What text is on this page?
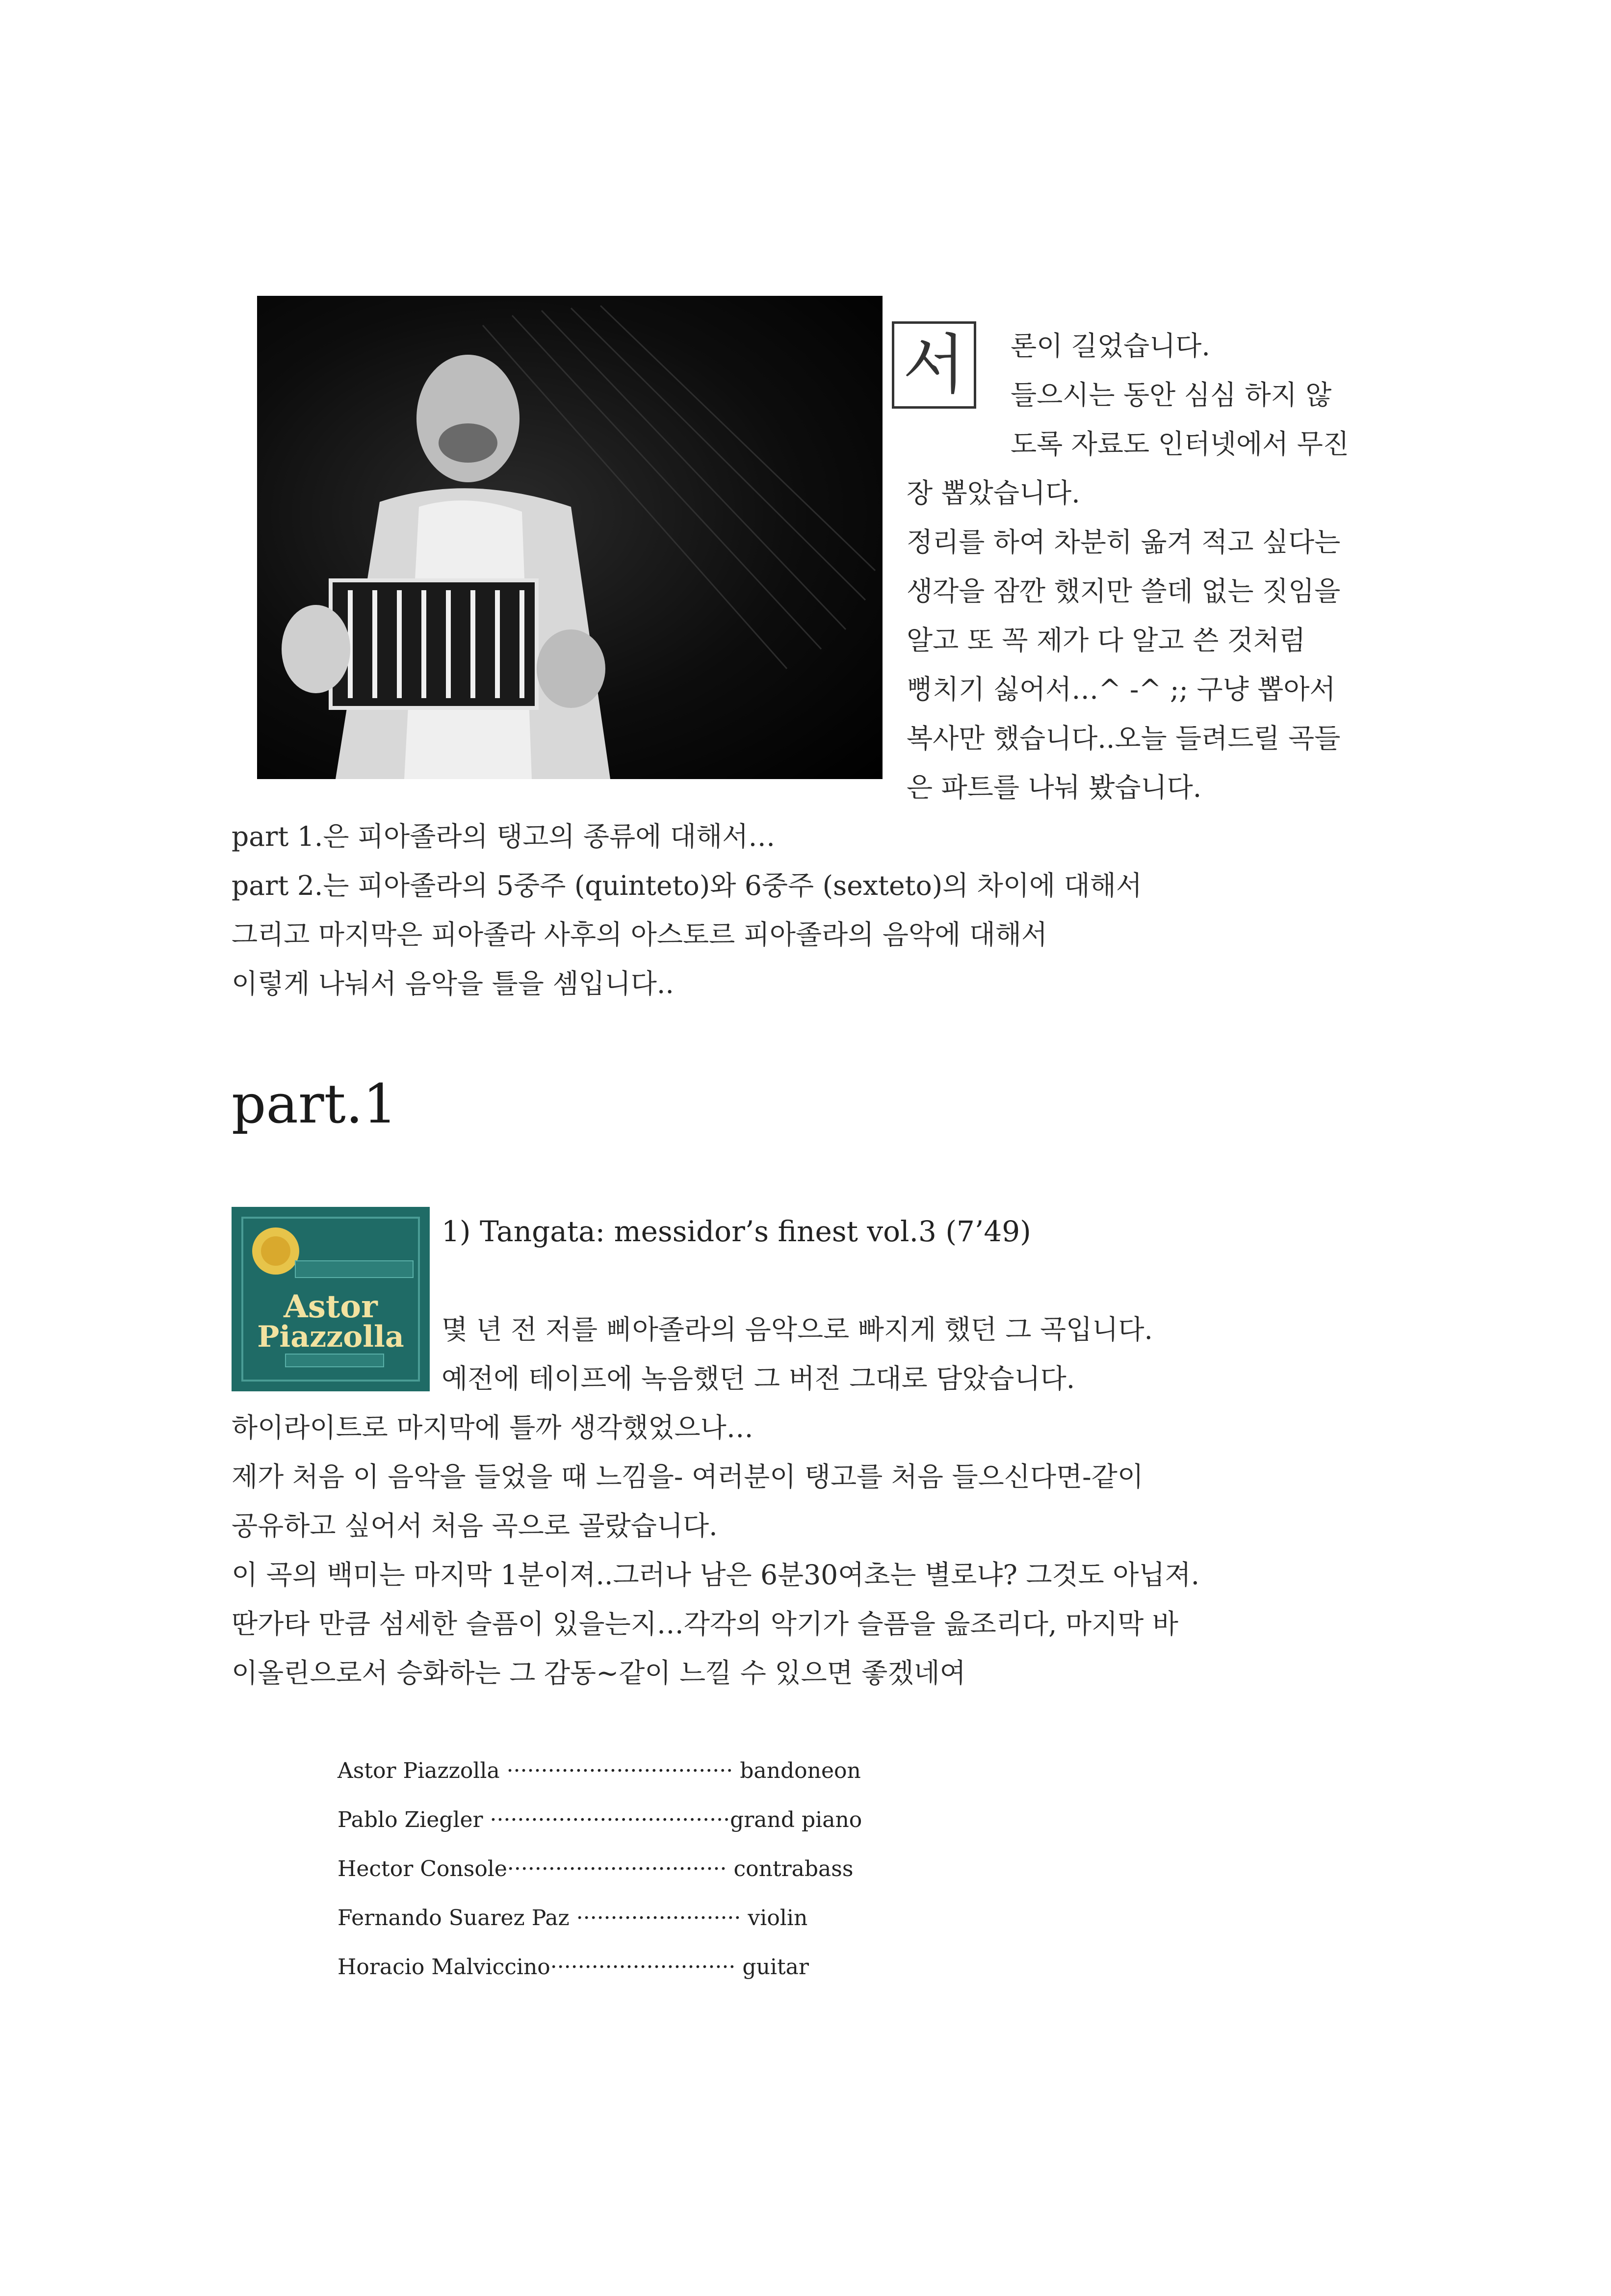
서	론이 길었습니다.
들으시는 동안 심심 하지 않
도록 자료도 인터넷에서 무진
장 뽑았습니다.
정리를 하여 차분히 옮겨 적고 싶다는
생각을 잠깐 했지만 쓸데 없는 짓임을
알고 또 꼭 제가 다 알고 쓴 것처럼
뻥치기 싫어서…^ -^ ;; 구냥 뽑아서
복사만 했습니다..오늘 들려드릴 곡들
은 파트를 나눠 봤습니다.
part 1.은 피아졸라의 탱고의 종류에 대해서…
part 2.는 피아졸라의 5중주 (quinteto)와 6중주 (sexteto)의 차이에 대해서
그리고 마지막은 피아졸라 사후의 아스토르 피아졸라의 음악에 대해서
이렇게 나눠서 음악을 틀을 셈입니다..
part.1
Astor
Piazzolla
1) Tangata: messidor’s finest vol.3 (7’49)
몇 년 전 저를 삐아졸라의 음악으로 빠지게 했던 그 곡입니다.
예전에 테이프에 녹음했던 그 버전 그대로 담았습니다.
하이라이트로 마지막에 틀까 생각했었으나…
제가 처음 이 음악을 들었을 때 느낌을- 여러분이 탱고를 처음 들으신다면-같이
공유하고 싶어서 처음 곡으로 골랐습니다.
이 곡의 백미는 마지막 1분이져..그러나 남은 6분30여초는 별로냐? 그것도 아닙져.
딴가타 만큼 섬세한 슬픔이 있을는지…각각의 악기가 슬픔을 읊조리다, 마지막 바
이올린으로서 승화하는 그 감동~같이 느낄 수 있으면 좋겠네여
Astor Piazzolla ································· bandoneon
Pablo Ziegler ···································grand piano
Hector Console································ contrabass
Fernando Suarez Paz ························ violin
Horacio Malviccino··························· guitar
